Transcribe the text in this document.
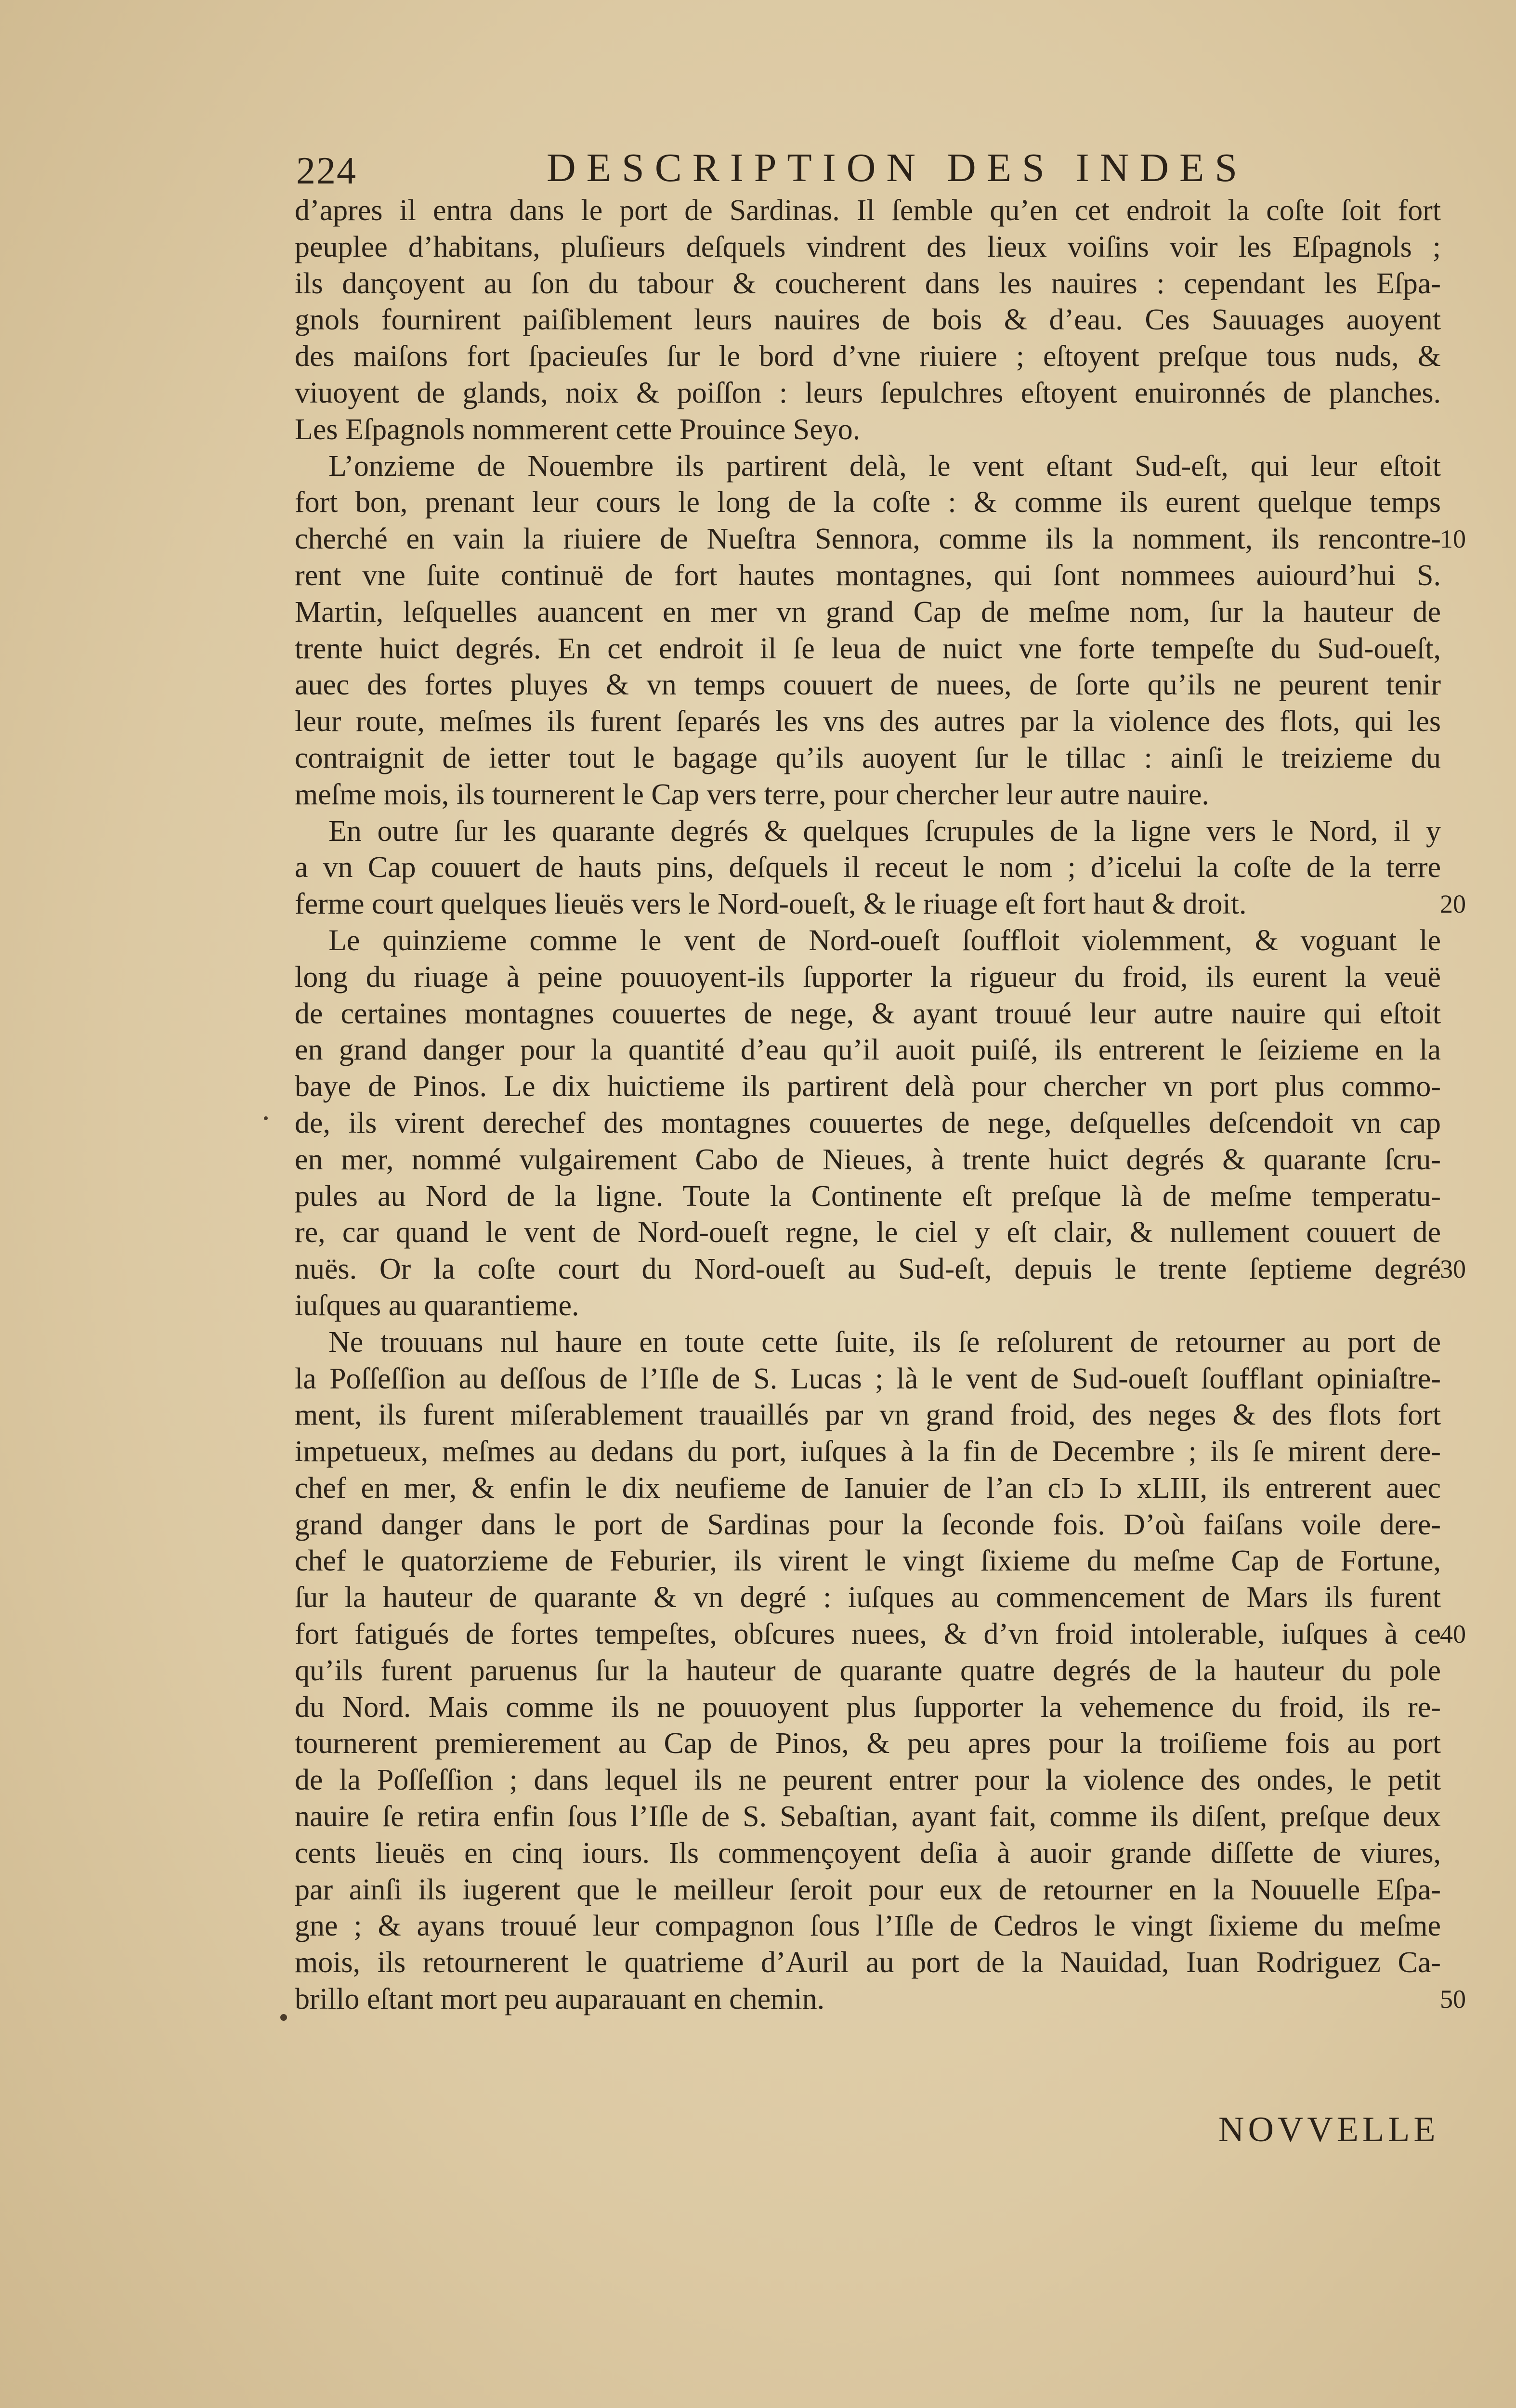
224	DESCRIPTION DES INDES
d’apres il entra dans le port de Sardinas. Il ſemble qu’en cet endroit la coſte ſoit fort
peuplee d’habitans, pluſieurs deſquels vindrent des lieux voiſins voir les Eſpagnols ;
ils dançoyent au ſon du tabour & coucherent dans les nauires : cependant les Eſpa-
gnols fournirent paiſiblement leurs nauires de bois & d’eau. Ces Sauuages auoyent
des maiſons fort ſpacieuſes ſur le bord d’vne riuiere ; eſtoyent preſque tous nuds, &
viuoyent de glands, noix & poiſſon : leurs ſepulchres eſtoyent enuironnés de planches.
Les Eſpagnols nommerent cette Prouince Seyo.
L’onzieme de Nouembre ils partirent delà, le vent eſtant Sud-eſt, qui leur eſtoit
fort bon, prenant leur cours le long de la coſte : & comme ils eurent quelque temps
cherché en vain la riuiere de Nueſtra Sennora, comme ils la nomment, ils rencontre-
rent vne ſuite continuë de fort hautes montagnes, qui ſont nommees auiourd’hui S.
Martin, leſquelles auancent en mer vn grand Cap de meſme nom, ſur la hauteur de
trente huict degrés. En cet endroit il ſe leua de nuict vne forte tempeſte du Sud-oueſt,
auec des fortes pluyes & vn temps couuert de nuees, de ſorte qu’ils ne peurent tenir
leur route, meſmes ils furent ſeparés les vns des autres par la violence des flots, qui les
contraignit de ietter tout le bagage qu’ils auoyent ſur le tillac : ainſi le treizieme du
meſme mois, ils tournerent le Cap vers terre, pour chercher leur autre nauire.
En outre ſur les quarante degrés & quelques ſcrupules de la ligne vers le Nord, il y
a vn Cap couuert de hauts pins, deſquels il receut le nom ; d’icelui la coſte de la terre
ferme court quelques lieuës vers le Nord-oueſt, & le riuage eſt fort haut & droit.
Le quinzieme comme le vent de Nord-oueſt ſouffloit violemment, & voguant le
long du riuage à peine pouuoyent-ils ſupporter la rigueur du froid, ils eurent la veuë
de certaines montagnes couuertes de nege, & ayant trouué leur autre nauire qui eſtoit
en grand danger pour la quantité d’eau qu’il auoit puiſé, ils entrerent le ſeizieme en la
baye de Pinos. Le dix huictieme ils partirent delà pour chercher vn port plus commo-
de, ils virent derechef des montagnes couuertes de nege, deſquelles deſcendoit vn cap
en mer, nommé vulgairement Cabo de Nieues, à trente huict degrés & quarante ſcru-
pules au Nord de la ligne. Toute la Continente eſt preſque là de meſme temperatu-
re, car quand le vent de Nord-oueſt regne, le ciel y eſt clair, & nullement couuert de
nuës. Or la coſte court du Nord-oueſt au Sud-eſt, depuis le trente ſeptieme degré
iuſques au quarantieme.
Ne trouuans nul haure en toute cette ſuite, ils ſe reſolurent de retourner au port de
la Poſſeſſion au deſſous de l’Iſle de S. Lucas ; là le vent de Sud-oueſt ſoufflant opiniaſtre-
ment, ils furent miſerablement trauaillés par vn grand froid, des neges & des flots fort
impetueux, meſmes au dedans du port, iuſques à la fin de Decembre ; ils ſe mirent dere-
chef en mer, & enfin le dix neufieme de Ianuier de l’an cIɔ Iɔ xLIII, ils entrerent auec
grand danger dans le port de Sardinas pour la ſeconde fois. D’où faiſans voile dere-
chef le quatorzieme de Feburier, ils virent le vingt ſixieme du meſme Cap de Fortune,
ſur la hauteur de quarante & vn degré : iuſques au commencement de Mars ils furent
fort fatigués de fortes tempeſtes, obſcures nuees, & d’vn froid intolerable, iuſques à ce
qu’ils furent paruenus ſur la hauteur de quarante quatre degrés de la hauteur du pole
du Nord. Mais comme ils ne pouuoyent plus ſupporter la vehemence du froid, ils re-
tournerent premierement au Cap de Pinos, & peu apres pour la troiſieme fois au port
de la Poſſeſſion ; dans lequel ils ne peurent entrer pour la violence des ondes, le petit
nauire ſe retira enfin ſous l’Iſle de S. Sebaſtian, ayant fait, comme ils diſent, preſque deux
cents lieuës en cinq iours. Ils commençoyent deſia à auoir grande diſſette de viures,
par ainſi ils iugerent que le meilleur ſeroit pour eux de retourner en la Nouuelle Eſpa-
gne ; & ayans trouué leur compagnon ſous l’Iſle de Cedros le vingt ſixieme du meſme
mois, ils retournerent le quatrieme d’Auril au port de la Nauidad, Iuan Rodriguez Ca-
brillo eſtant mort peu auparauant en chemin.
10
20
30
40
50
NOVVELLE
